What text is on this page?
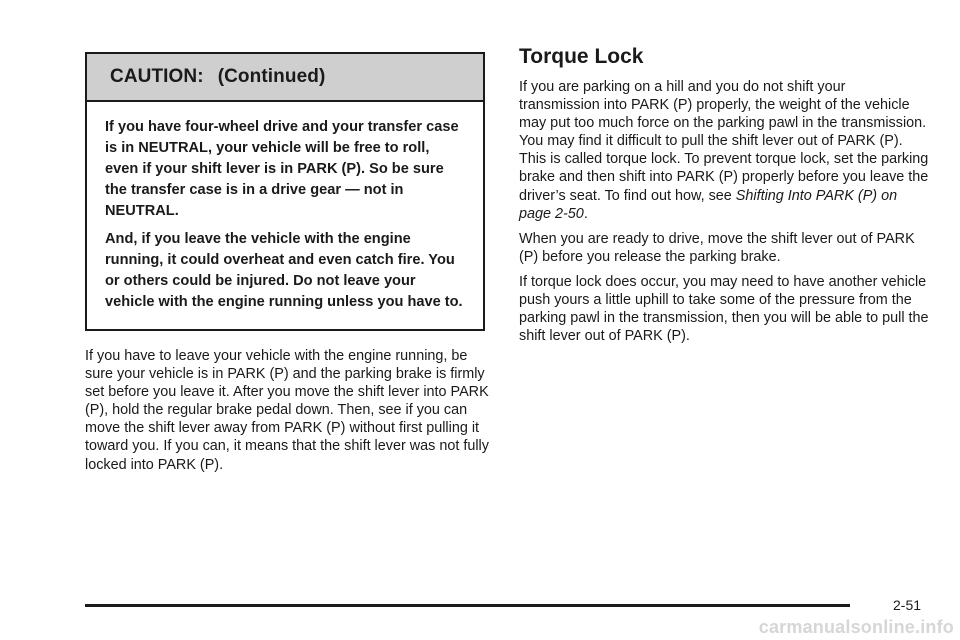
CAUTION: (Continued)

If you have four-wheel drive and your transfer case is in NEUTRAL, your vehicle will be free to roll, even if your shift lever is in PARK (P). So be sure the transfer case is in a drive gear — not in NEUTRAL.

And, if you leave the vehicle with the engine running, it could overheat and even catch fire. You or others could be injured. Do not leave your vehicle with the engine running unless you have to.

If you have to leave your vehicle with the engine running, be sure your vehicle is in PARK (P) and the parking brake is firmly set before you leave it. After you move the shift lever into PARK (P), hold the regular brake pedal down. Then, see if you can move the shift lever away from PARK (P) without first pulling it toward you. If you can, it means that the shift lever was not fully locked into PARK (P).

Torque Lock

If you are parking on a hill and you do not shift your transmission into PARK (P) properly, the weight of the vehicle may put too much force on the parking pawl in the transmission. You may find it difficult to pull the shift lever out of PARK (P). This is called torque lock. To prevent torque lock, set the parking brake and then shift into PARK (P) properly before you leave the driver’s seat. To find out how, see Shifting Into PARK (P) on page 2-50.

When you are ready to drive, move the shift lever out of PARK (P) before you release the parking brake.

If torque lock does occur, you may need to have another vehicle push yours a little uphill to take some of the pressure from the parking pawl in the transmission, then you will be able to pull the shift lever out of PARK (P).

2-51
carmanualsonline.info
